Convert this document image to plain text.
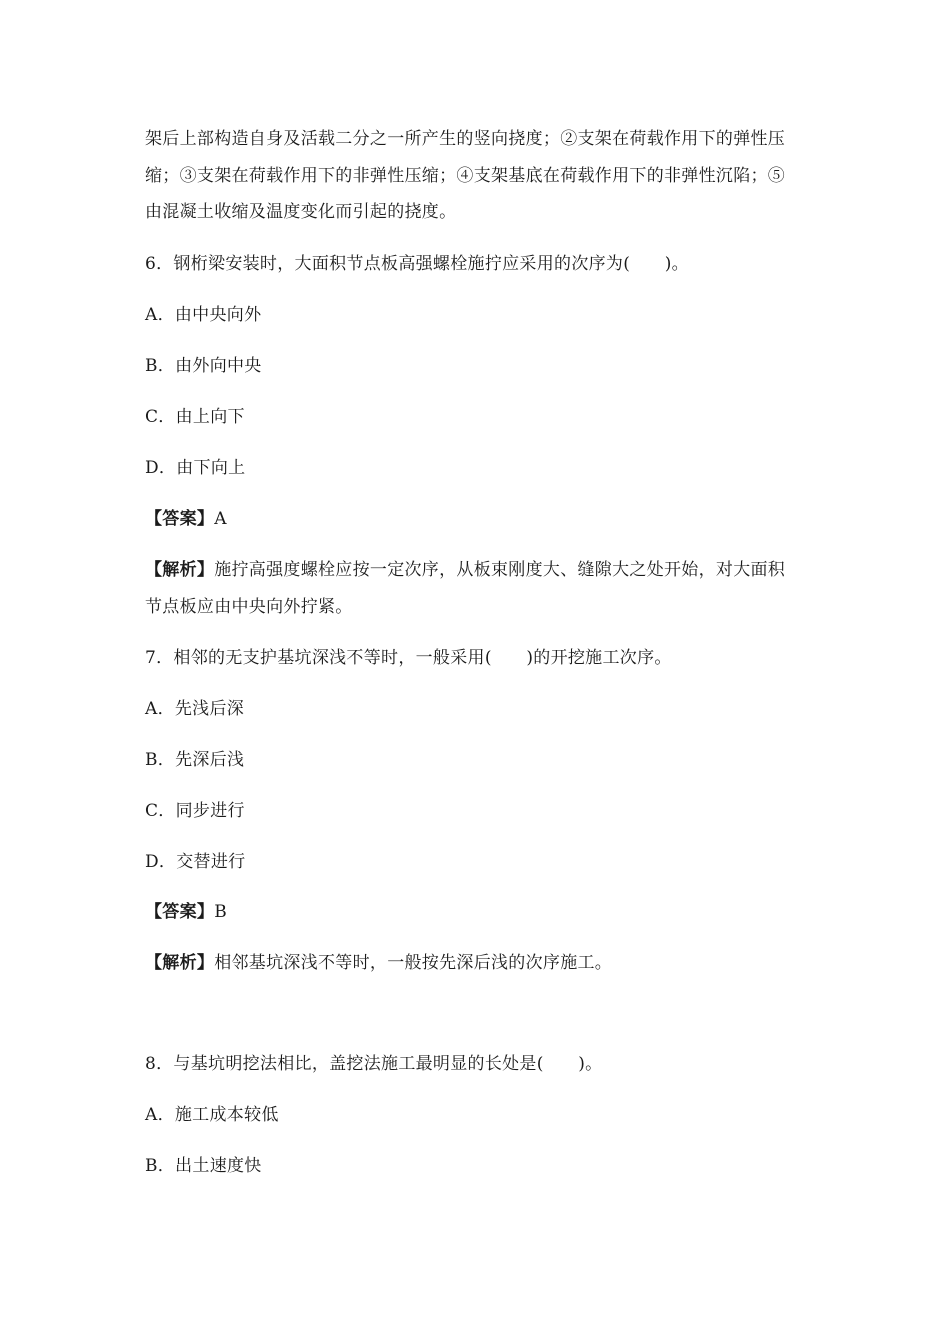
架后上部构造自身及活载二分之一所产生的竖向挠度；②支架在荷载作用下的弹性压
缩；③支架在荷载作用下的非弹性压缩；④支架基底在荷载作用下的非弹性沉陷；⑤
由混凝土收缩及温度变化而引起的挠度。
6．钢桁梁安装时，大面积节点板高强螺栓施拧应采用的次序为(　　)。
A．由中央向外
B．由外向中央
C．由上向下
D．由下向上
【答案】A
【解析】施拧高强度螺栓应按一定次序，从板束刚度大、缝隙大之处开始，对大面积
节点板应由中央向外拧紧。
7．相邻的无支护基坑深浅不等时，一般采用(　　)的开挖施工次序。
A．先浅后深
B．先深后浅
C．同步进行
D．交替进行
【答案】B
【解析】相邻基坑深浅不等时，一般按先深后浅的次序施工。
8．与基坑明挖法相比，盖挖法施工最明显的长处是(　　)。
A．施工成本较低
B．出土速度快
